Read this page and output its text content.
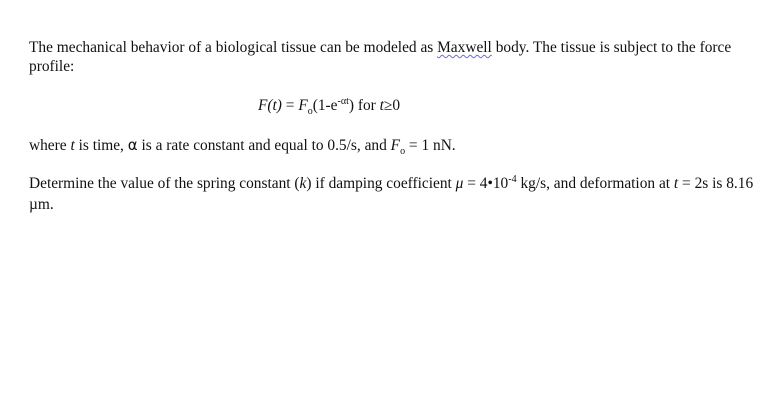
The mechanical behavior of a biological tissue can be modeled as Maxwell body. The tissue is subject to the force profile:

$F(t) = F_o(1-e^{-\alpha t})$ for t≥0

where t is time, α is a rate constant and equal to 0.5/s, and $F_o = 1$ nN.

Determine the value of the spring constant (k) if damping coefficient $\mu = 4•10^{-4}$ kg/s, and deformation at t = 2s is 8.16 µm.
